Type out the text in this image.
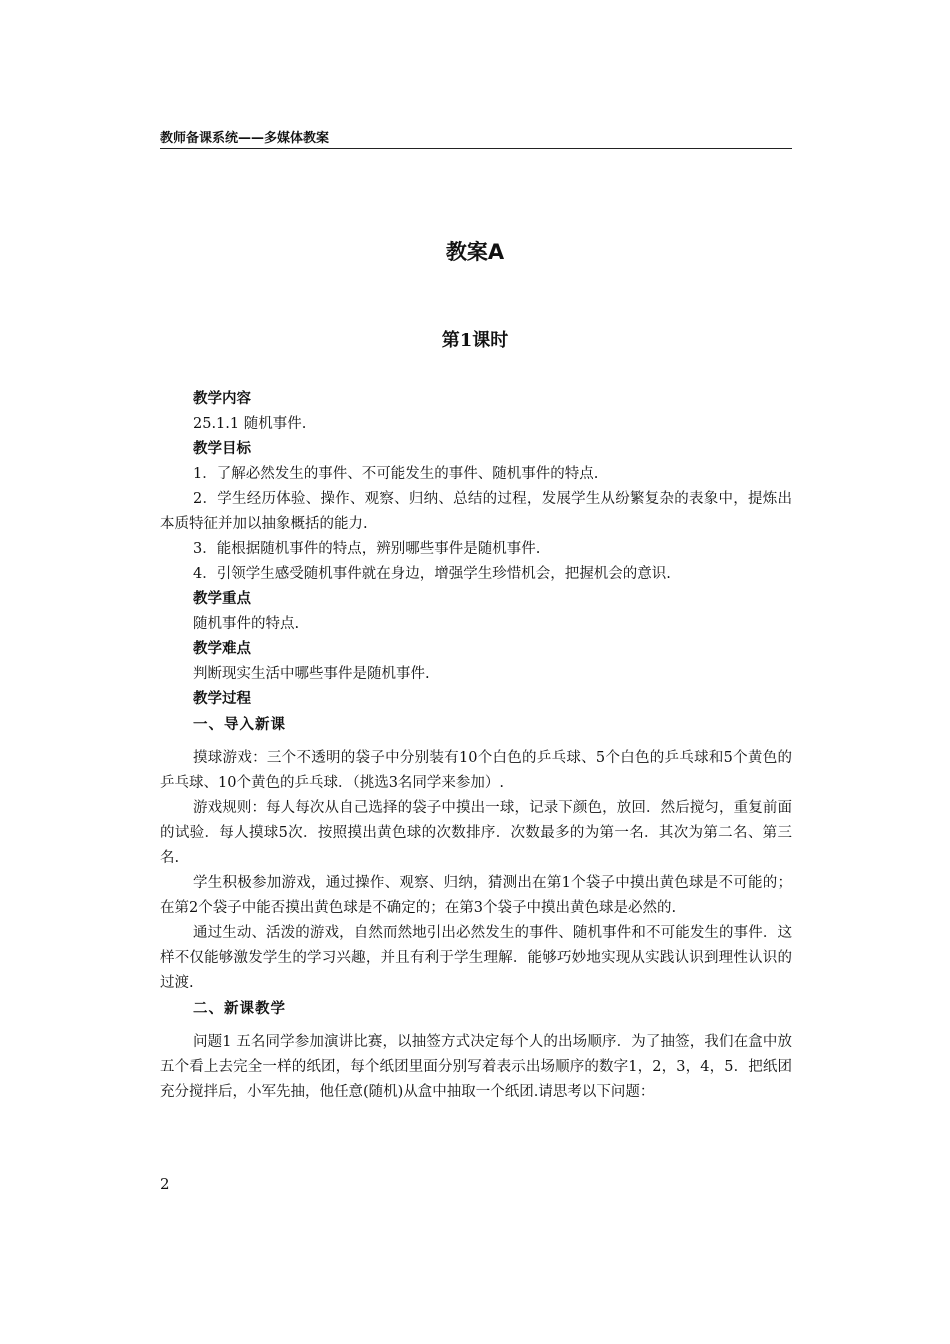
教师备课系统——多媒体教案
教案A
第1课时
教学内容
25.1.1 随机事件.
教学目标
1．了解必然发生的事件、不可能发生的事件、随机事件的特点.

2．学生经历体验、操作、观察、归纳、总结的过程，发展学生从纷繁复杂的表象中，提炼出本质特征并加以抽象概括的能力.

3．能根据随机事件的特点，辨别哪些事件是随机事件.
4．引领学生感受随机事件就在身边，增强学生珍惜机会，把握机会的意识.
教学重点
随机事件的特点.
教学难点
判断现实生活中哪些事件是随机事件.
教学过程
一、导入新课

摸球游戏：三个不透明的袋子中分别装有10个白色的乒乓球、5个白色的乒乓球和5个黄色的乒乓球、10个黄色的乒乓球．（挑选3名同学来参加）.

游戏规则：每人每次从自己选择的袋子中摸出一球，记录下颜色，放回．然后搅匀，重复前面的试验．每人摸球5次．按照摸出黄色球的次数排序．次数最多的为第一名．其次为第二名、第三名.

学生积极参加游戏，通过操作、观察、归纳，猜测出在第1个袋子中摸出黄色球是不可能的；在第2个袋子中能否摸出黄色球是不确定的；在第3个袋子中摸出黄色球是必然的.

通过生动、活泼的游戏，自然而然地引出必然发生的事件、随机事件和不可能发生的事件．这样不仅能够激发学生的学习兴趣，并且有利于学生理解．能够巧妙地实现从实践认识到理性认识的过渡.

二、新课教学

问题1 五名同学参加演讲比赛，以抽签方式决定每个人的出场顺序．为了抽签，我们在盒中放五个看上去完全一样的纸团，每个纸团里面分别写着表示出场顺序的数字1，2，3，4，5．把纸团充分搅拌后，小军先抽，他任意(随机)从盒中抽取一个纸团.请思考以下问题：

2
